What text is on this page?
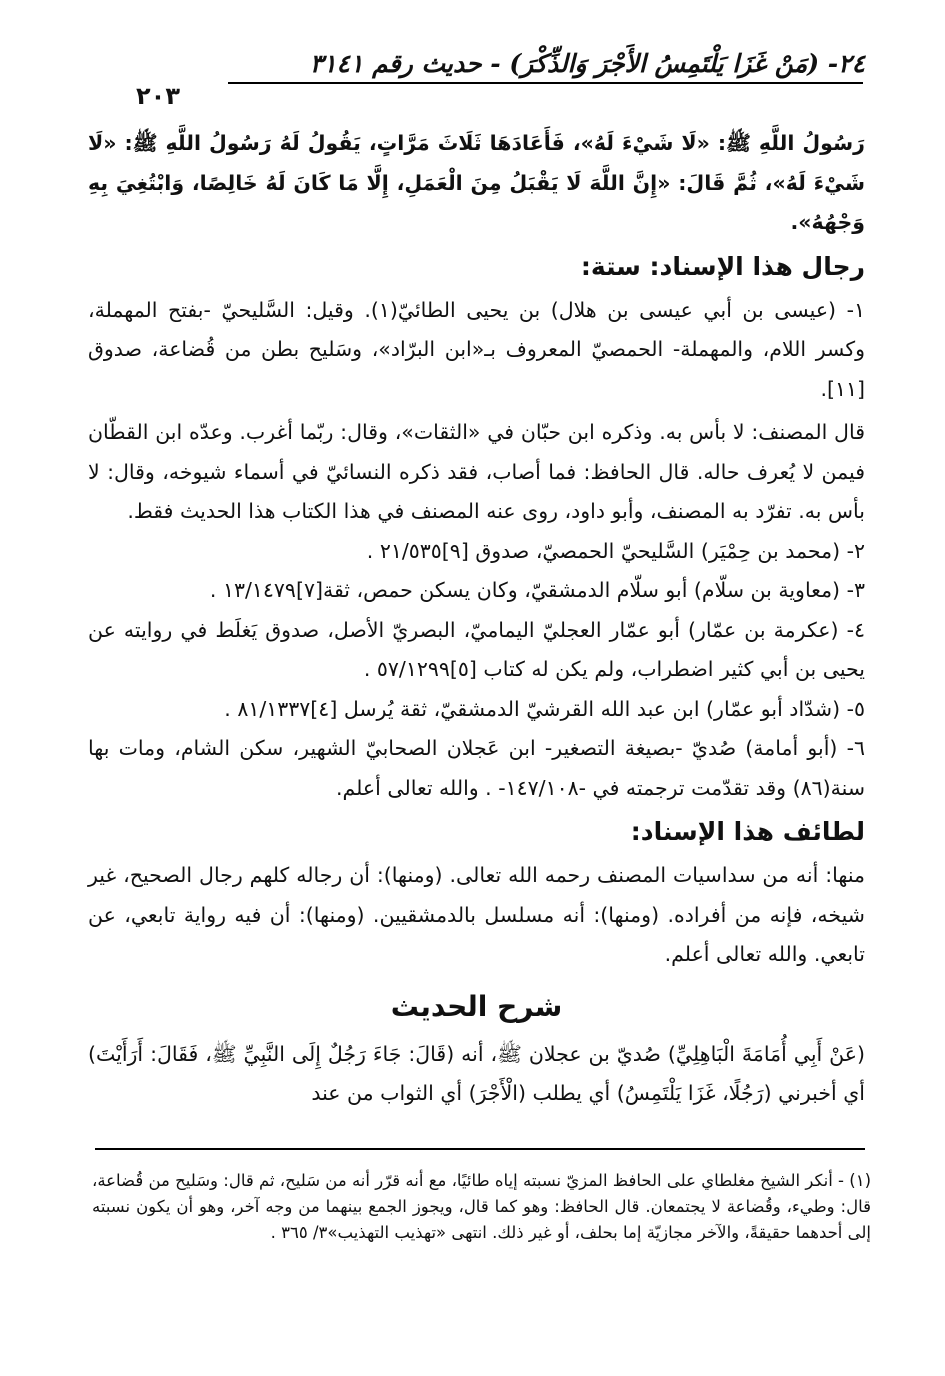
٢٤- (مَنْ غَزَا يَلْتَمِسُ الأَجْرَ وَالذِّكْرَ) - حديث رقم ٣١٤١
٢٠٣

رَسُولُ اللَّهِ ﷺ: «لَا شَيْءَ لَهُ»، فَأَعَادَهَا ثَلَاثَ مَرَّاتٍ، يَقُولُ لَهُ رَسُولُ اللَّهِ ﷺ: «لَا شَيْءَ لَهُ»، ثُمَّ قَالَ: «إِنَّ اللَّهَ لَا يَقْبَلُ مِنَ الْعَمَلِ، إِلَّا مَا كَانَ لَهُ خَالِصًا، وَابْتُغِيَ بِهِ وَجْهُهُ».

رجال هذا الإسناد: ستة:

١- (عيسى بن أبي عيسى بن هلال) بن يحيى الطائيّ(١). وقيل: السَّليحيّ -بفتح المهملة، وكسر اللام، والمهملة- الحمصيّ المعروف بـ«ابن البرّاد»، وسَليح بطن من قُضاعة، صدوق [١١].

قال المصنف: لا بأس به. وذكره ابن حبّان في «الثقات»، وقال: ربّما أغرب. وعدّه ابن القطّان فيمن لا يُعرف حاله. قال الحافظ: فما أصاب، فقد ذكره النسائيّ في أسماء شيوخه، وقال: لا بأس به. تفرّد به المصنف، وأبو داود، روى عنه المصنف في هذا الكتاب هذا الحديث فقط.

٢- (محمد بن حِمْيَر) السَّليحيّ الحمصيّ، صدوق [٩]٢١/٥٣٥ .

٣- (معاوية بن سلّام) أبو سلّام الدمشقيّ، وكان يسكن حمص، ثقة[٧]١٣/١٤٧٩ .

٤- (عكرمة بن عمّار) أبو عمّار العجليّ اليماميّ، البصريّ الأصل، صدوق يَغلَط في روايته عن يحيى بن أبي كثير اضطراب، ولم يكن له كتاب [٥]٥٧/١٢٩٩ .

٥- (شدّاد أبو عمّار) ابن عبد الله القرشيّ الدمشقيّ، ثقة يُرسل [٤]٨١/١٣٣٧ .

٦- (أبو أمامة) صُديّ -بصيغة التصغير- ابن عَجلان الصحابيّ الشهير، سكن الشام، ومات بها سنة(٨٦) وقد تقدّمت ترجمته في -١٤٧/١٠٨- . والله تعالى أعلم.

لطائف هذا الإسناد:

منها: أنه من سداسيات المصنف رحمه الله تعالى. (ومنها): أن رجاله كلهم رجال الصحيح، غير شيخه، فإنه من أفراده. (ومنها): أنه مسلسل بالدمشقيين. (ومنها): أن فيه رواية تابعي، عن تابعي. والله تعالى أعلم.

شرح الحديث

(عَنْ أَبِي أُمَامَةَ الْبَاهِلِيِّ) صُديّ بن عجلان ﷺ، أنه (قَالَ: جَاءَ رَجُلٌ إِلَى النَّبِيِّ ﷺ، فَقَالَ: أَرَأَيْتَ) أي أخبرني (رَجُلًا، غَزَا يَلْتَمِسُ) أي يطلب (الْأَجْرَ) أي الثواب من عند

(١) - أنكر الشيخ مغلطاي على الحافظ المزيّ نسبته إياه طائيًا، مع أنه قرّر أنه من سَليح، ثم قال: وسَليح من قُضاعة، قال: وطيء، وقُضاعة لا يجتمعان. قال الحافظ: وهو كما قال، ويجوز الجمع بينهما من وجه آخر، وهو أن يكون نسبته إلى أحدهما حقيقةً، والآخر مجازيّة إما بحلف، أو غير ذلك. انتهى «تهذيب التهذيب»٣/ ٣٦٥ .
